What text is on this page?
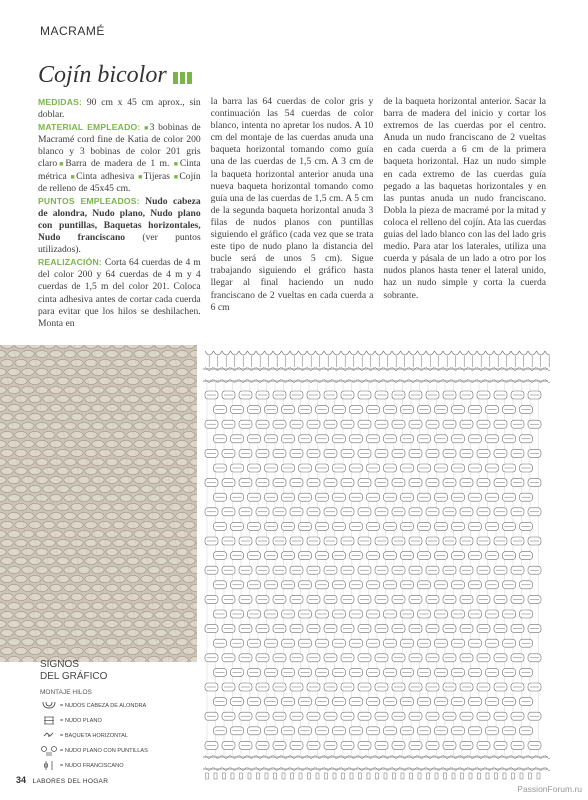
MACRAMÉ
Cojín bicolor

MEDIDAS: 90 cm x 45 cm aprox., sin doblar.

MATERIAL EMPLEADO: ■3 bobinas de Macramé cord fine de Katia de color 200 blanco y 3 bobinas de color 201 gris claro■Barra de madera de 1 m. ■Cinta métrica ■Cinta adhesiva ■Tijeras ■Cojín de relleno de 45x45 cm.

PUNTOS EMPLEADOS: Nudo cabeza de alondra, Nudo plano, Nudo plano con puntillas, Baquetas horizontales, Nudo franciscano (ver puntos utilizados).

REALIZACIÓN: Corta 64 cuerdas de 4 m del color 200 y 64 cuerdas de 4 m y 4 cuerdas de 1,5 m del color 201. Coloca cinta adhesiva antes de cortar cada cuerda para evitar que los hilos se deshilachen. Monta en

la barra las 64 cuerdas de color gris y continuación las 54 cuerdas de color blanco, intenta no apretar los nudos. A 10 cm del montaje de las cuerdas anuda una baqueta horizontal tomando como guía una de las cuerdas de 1,5 cm. A 3 cm de la baqueta horizontal anterior anuda una nueva baqueta horizontal tomando como guía una de las cuerdas de 1,5 cm. A 5 cm de la segunda baqueta horizontal anuda 3 filas de nudos planos con puntillas siguiendo el gráfico (cada vez que se trata este tipo de nudo plano la distancia del bucle será de unos 5 cm). Sigue trabajando siguiendo el gráfico hasta llegar al final haciendo un nudo franciscano de 2 vueltas en cada cuerda a 6 cm

de la baqueta horizontal anterior. Sacar la barra de madera del inicio y cortar los extremos de las cuerdas por el centro. Anuda un nudo franciscano de 2 vueltas en cada cuerda a 6 cm de la primera baqueta horizontal. Haz un nudo simple en cada extremo de las cuerdas guía pegado a las baquetas horizontales y en las puntas anuda un nudo franciscano. Dobla la pieza de macramé por la mitad y coloca el relleno del cojín. Ata las cuerdas guías del lado blanco con las del lado gris medio. Para atar los laterales, utiliza una cuerda y pásala de un lado a otro por los nudos planos hasta tener el lateral unido, haz un nudo simple y corta la cuerda sobrante.

SIGNOS
DEL GRÁFICO
MONTAJE HILOS
= NUDOS CABEZA DE ALONDRA
= NUDO PLANO
= BAQUETA HORIZONTAL
= NUDO PLANO CON PUNTILLAS
= NUDO FRANCISCANO
34 LABORES DEL HOGAR
PassionForum.ru
